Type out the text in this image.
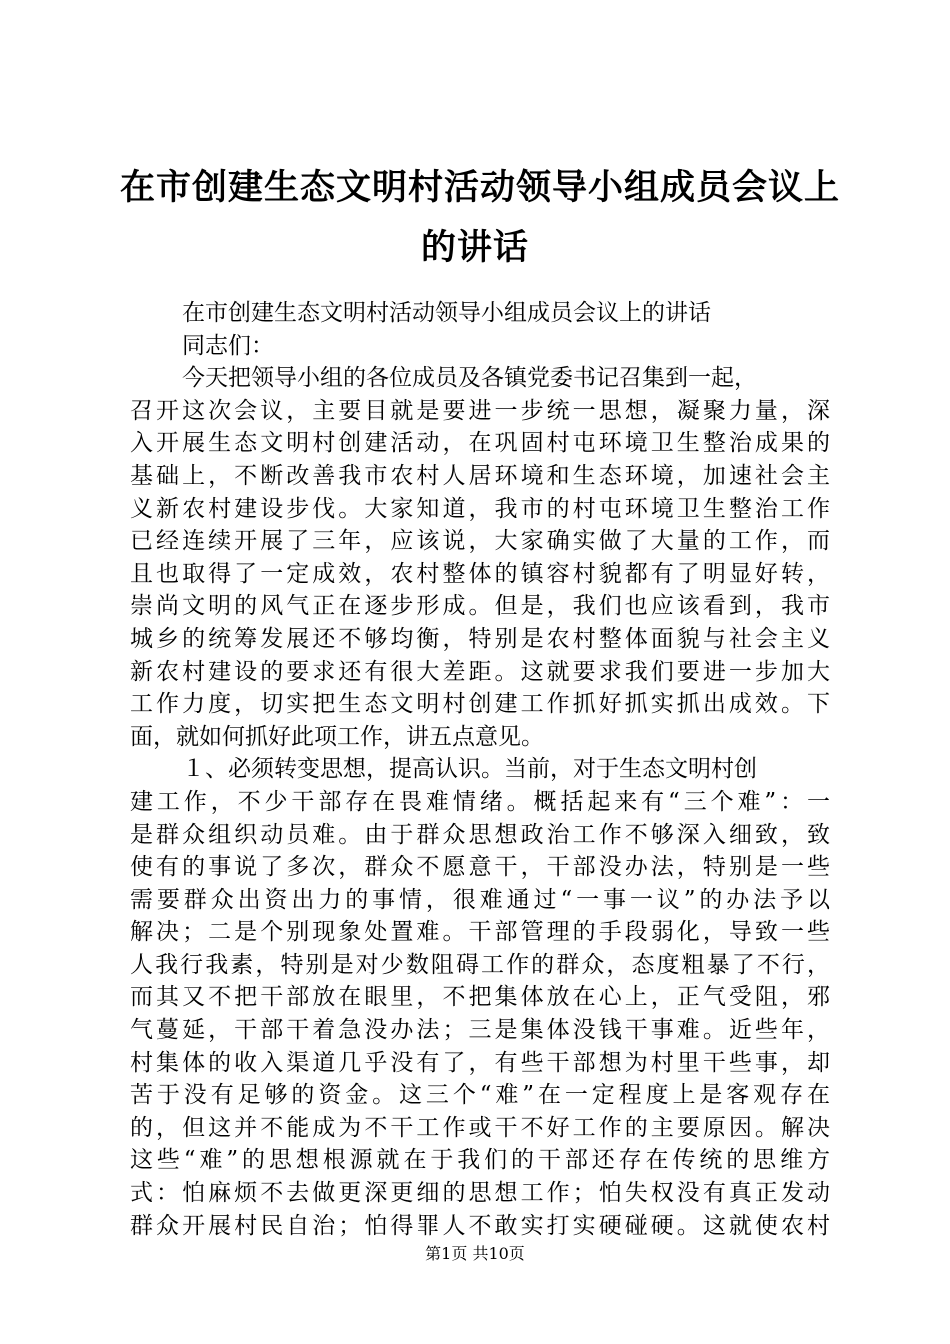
在市创建生态文明村活动领导小组成员会议上
的讲话
在市创建生态文明村活动领导小组成员会议上的讲话
同志们：
今天把领导小组的各位成员及各镇党委书记召集到一起，
召开这次会议，主要目就是要进一步统一思想，凝聚力量，深
入开展生态文明村创建活动，在巩固村屯环境卫生整治成果的
基础上，不断改善我市农村人居环境和生态环境，加速社会主
义新农村建设步伐。大家知道，我市的村屯环境卫生整治工作
已经连续开展了三年，应该说，大家确实做了大量的工作，而
且也取得了一定成效，农村整体的镇容村貌都有了明显好转，
崇尚文明的风气正在逐步形成。但是，我们也应该看到，我市
城乡的统筹发展还不够均衡，特别是农村整体面貌与社会主义
新农村建设的要求还有很大差距。这就要求我们要进一步加大
工作力度，切实把生态文明村创建工作抓好抓实抓出成效。下
面，就如何抓好此项工作，讲五点意见。
１、必须转变思想，提高认识。当前，对于生态文明村创
建工作，不少干部存在畏难情绪。概括起来有“三个难”：一
是群众组织动员难。由于群众思想政治工作不够深入细致，致
使有的事说了多次，群众不愿意干，干部没办法，特别是一些
需要群众出资出力的事情，很难通过“一事一议”的办法予以
解决；二是个别现象处置难。干部管理的手段弱化，导致一些
人我行我素，特别是对少数阻碍工作的群众，态度粗暴了不行，
而其又不把干部放在眼里，不把集体放在心上，正气受阻，邪
气蔓延，干部干着急没办法；三是集体没钱干事难。近些年，
村集体的收入渠道几乎没有了，有些干部想为村里干些事，却
苦于没有足够的资金。这三个“难”在一定程度上是客观存在
的，但这并不能成为不干工作或干不好工作的主要原因。解决
这些“难”的思想根源就在于我们的干部还存在传统的思维方
式：怕麻烦不去做更深更细的思想工作；怕失权没有真正发动
群众开展村民自治；怕得罪人不敢实打实硬碰硬。这就使农村
第1页 共10页
